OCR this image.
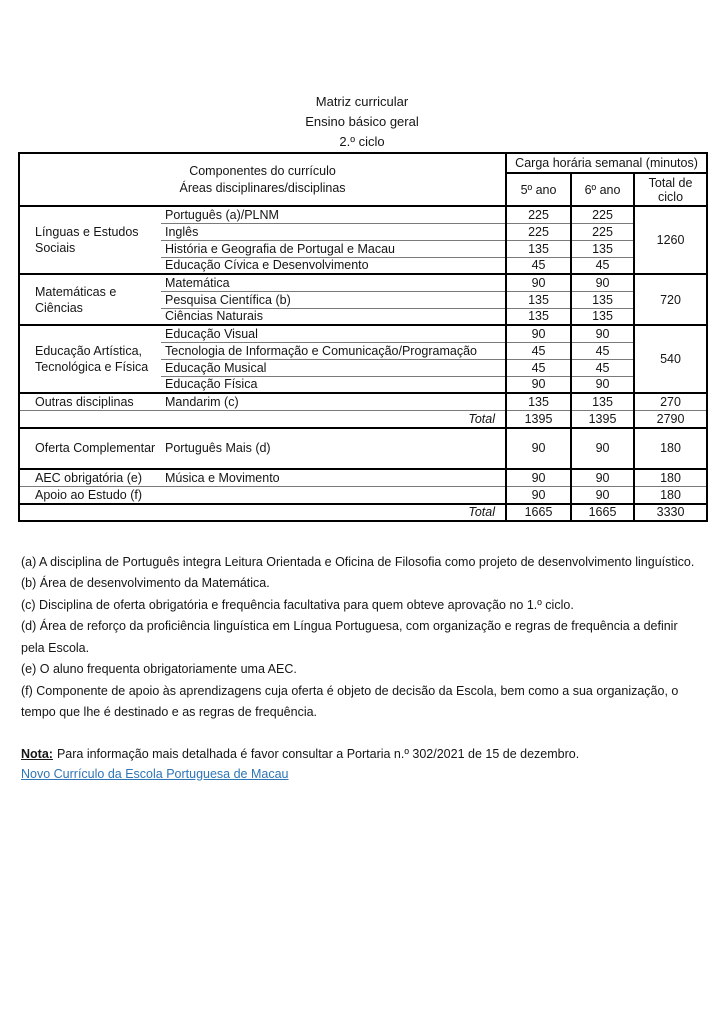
Matriz curricular
Ensino básico geral
2.º ciclo
Componentes do currículo
Áreas disciplinares/disciplinas		Carga horária semanal (minutos)		
		5º ano	6º ano	Total de
ciclo

Línguas e Estudos Sociais	Português (a)/PLNM	225	225	1260
	Inglês	225	225	
	História e Geografia de Portugal e Macau	135	135	
	Educação Cívica e Desenvolvimento	45	45	
Matemáticas e Ciências	Matemática	90	90	720
	Pesquisa Científica (b)	135	135	
	Ciências Naturais	135	135	
Educação Artística, Tecnológica e Física	Educação Visual	90	90	540
	Tecnologia de Informação e Comunicação/Programação	45	45	
	Educação Musical	45	45	
	Educação Física	90	90	
Outras disciplinas	Mandarim (c)	135	135	270
Total		1395	1395	2790
Oferta Complementar	Português Mais (d)	90	90	180
AEC obrigatória (e)	Música e Movimento	90	90	180
Apoio ao Estudo (f)		90	90	180
Total		1665	1665	3330

(a) A disciplina de Português integra Leitura Orientada e Oficina de Filosofia como projeto de desenvolvimento linguístico.

(b) Área de desenvolvimento da Matemática.

(c) Disciplina de oferta obrigatória e frequência facultativa para quem obteve aprovação no 1.º ciclo.

(d) Área de reforço da proficiência linguística em Língua Portuguesa, com organização e regras de frequência a definir pela Escola.

(e) O aluno frequenta obrigatoriamente uma AEC.

(f) Componente de apoio às aprendizagens cuja oferta é objeto de decisão da Escola, bem como a sua organização, o tempo que lhe é destinado e as regras de frequência.

Nota: Para informação mais detalhada é favor consultar a Portaria n.º 302/2021 de 15 de dezembro.
Novo Currículo da Escola Portuguesa de Macau
